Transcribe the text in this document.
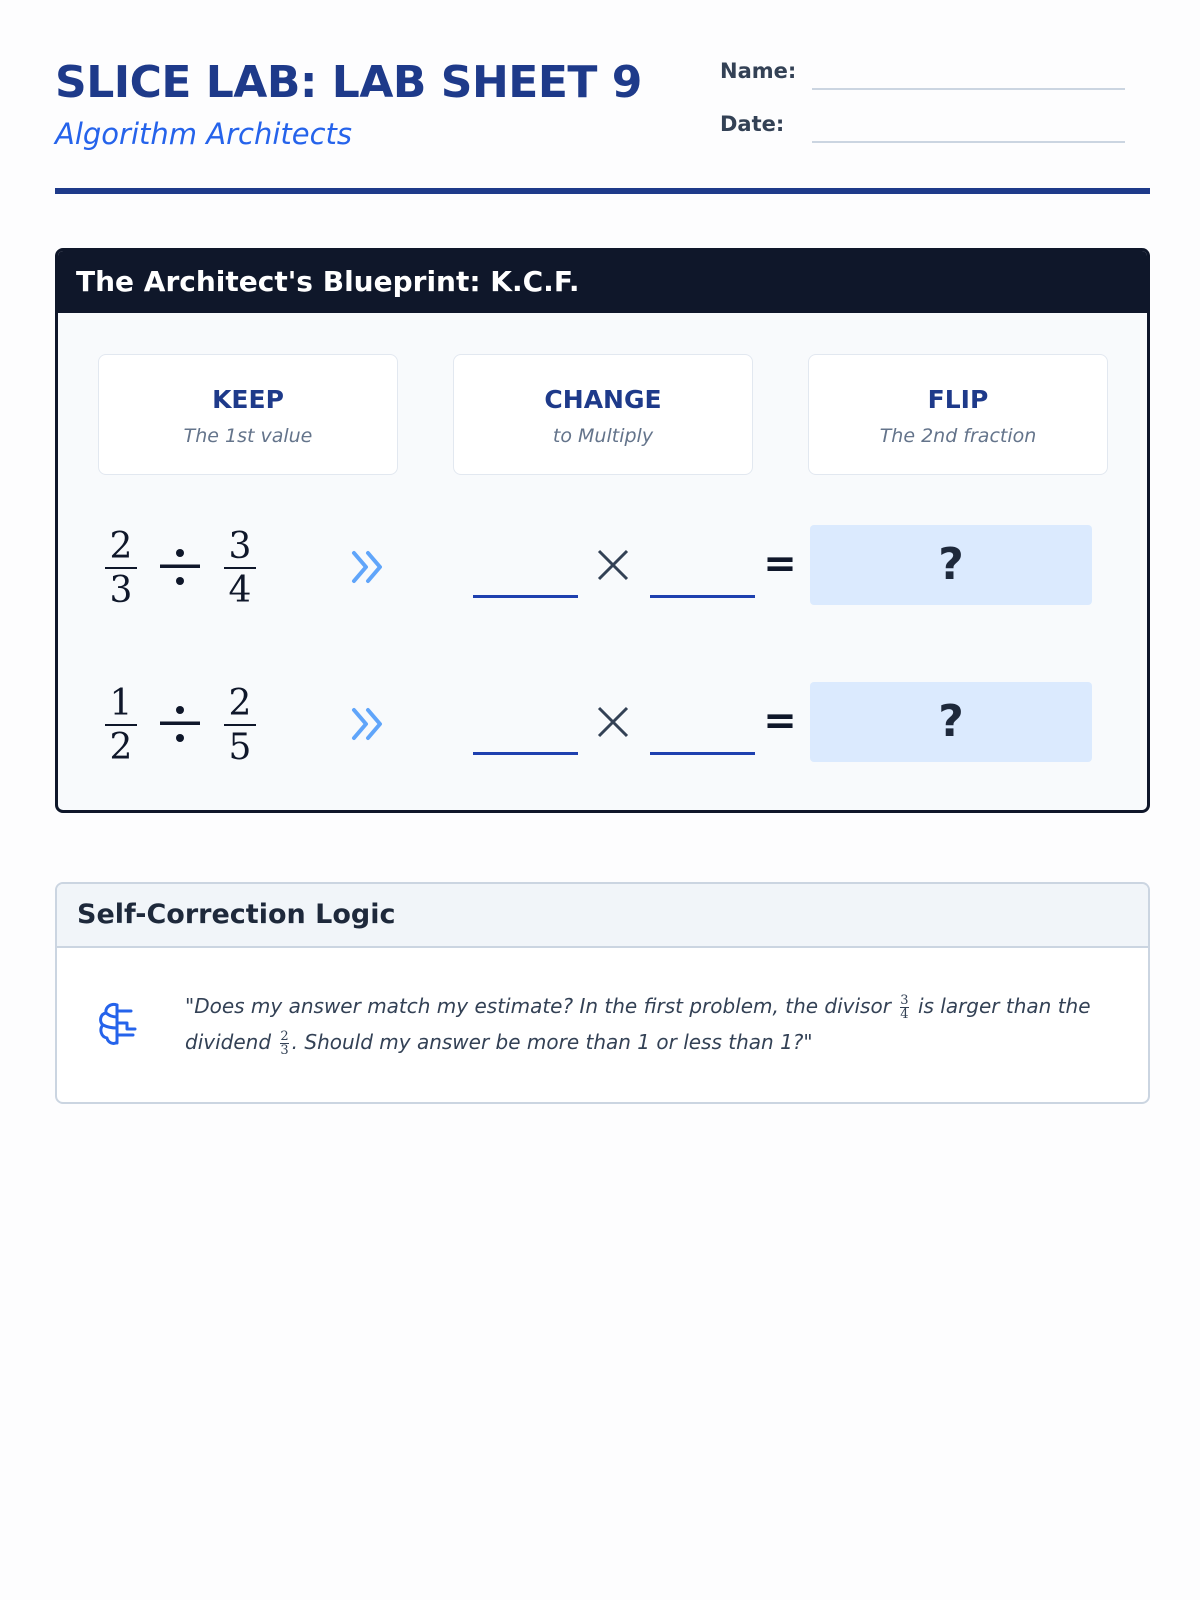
SLICE LAB: LAB SHEET 9
Algorithm Architects
Name:
Date:
The Architect's Blueprint: K.C.F.
KEEP
The 1st value
CHANGE
to Multiply
FLIP
The 2nd fraction
2
3
3
4
=	?
1
2
2
5
=	?
Self-Correction Logic
"Does my answer match my estimate? In the first problem, the divisor $\frac{3}{4}$ is larger than the dividend $\frac{2}{3}$ . Should my answer be more than 1 or less than 1?"
